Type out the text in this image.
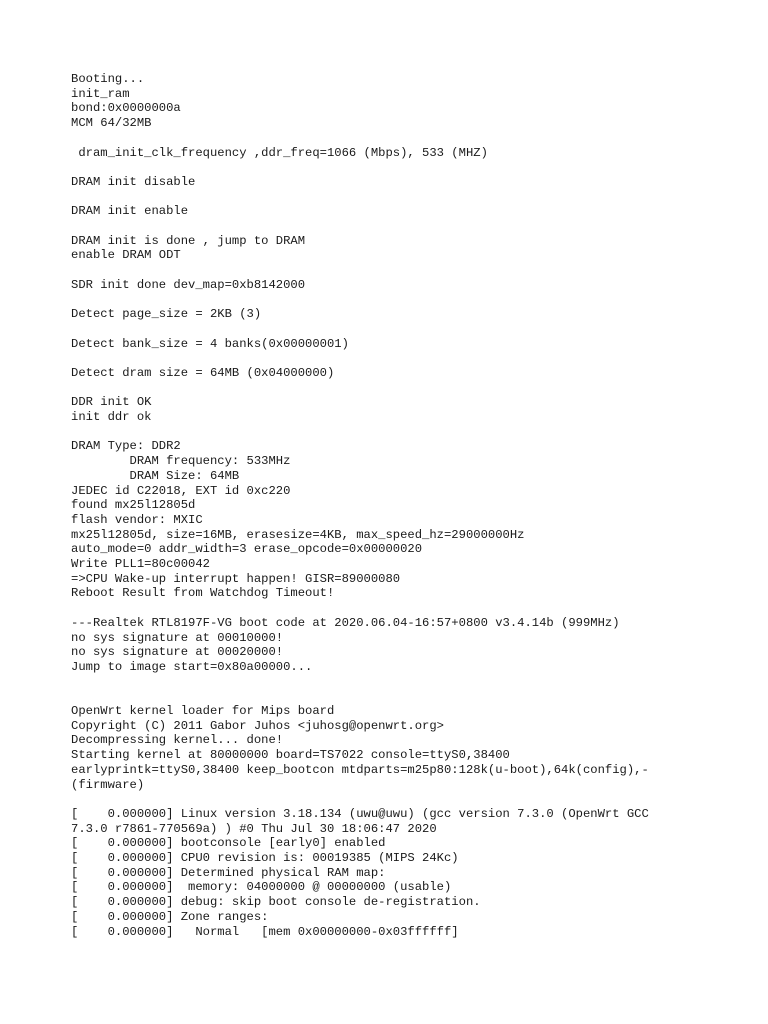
Booting...
init_ram
bond:0x0000000a
MCM 64/32MB
dram_init_clk_frequency ,ddr_freq=1066 (Mbps), 533 (MHZ)
DRAM init disable
DRAM init enable
DRAM init is done , jump to DRAM
enable DRAM ODT
SDR init done dev_map=0xb8142000
Detect page_size = 2KB (3)
Detect bank_size = 4 banks(0x00000001)
Detect dram size = 64MB (0x04000000)
DDR init OK
init ddr ok
DRAM Type: DDR2
DRAM frequency: 533MHz
DRAM Size: 64MB
JEDEC id C22018, EXT id 0xc220
found mx25l12805d
flash vendor: MXIC
mx25l12805d, size=16MB, erasesize=4KB, max_speed_hz=29000000Hz
auto_mode=0 addr_width=3 erase_opcode=0x00000020
Write PLL1=80c00042
=>CPU Wake-up interrupt happen! GISR=89000080
Reboot Result from Watchdog Timeout!
---Realtek RTL8197F-VG boot code at 2020.06.04-16:57+0800 v3.4.14b (999MHz)
no sys signature at 00010000!
no sys signature at 00020000!
Jump to image start=0x80a00000...
OpenWrt kernel loader for Mips board
Copyright (C) 2011 Gabor Juhos <juhosg@openwrt.org>
Decompressing kernel... done!
Starting kernel at 80000000 board=TS7022 console=ttyS0,38400
earlyprintk=ttyS0,38400 keep_bootcon mtdparts=m25p80:128k(u-boot),64k(config),-
(firmware)
[    0.000000] Linux version 3.18.134 (uwu@uwu) (gcc version 7.3.0 (OpenWrt GCC
7.3.0 r7861-770569a) ) #0 Thu Jul 30 18:06:47 2020
[    0.000000] bootconsole [early0] enabled
[    0.000000] CPU0 revision is: 00019385 (MIPS 24Kc)
[    0.000000] Determined physical RAM map:
[    0.000000]  memory: 04000000 @ 00000000 (usable)
[    0.000000] debug: skip boot console de-registration.
[    0.000000] Zone ranges:
[    0.000000]   Normal   [mem 0x00000000-0x03ffffff]
